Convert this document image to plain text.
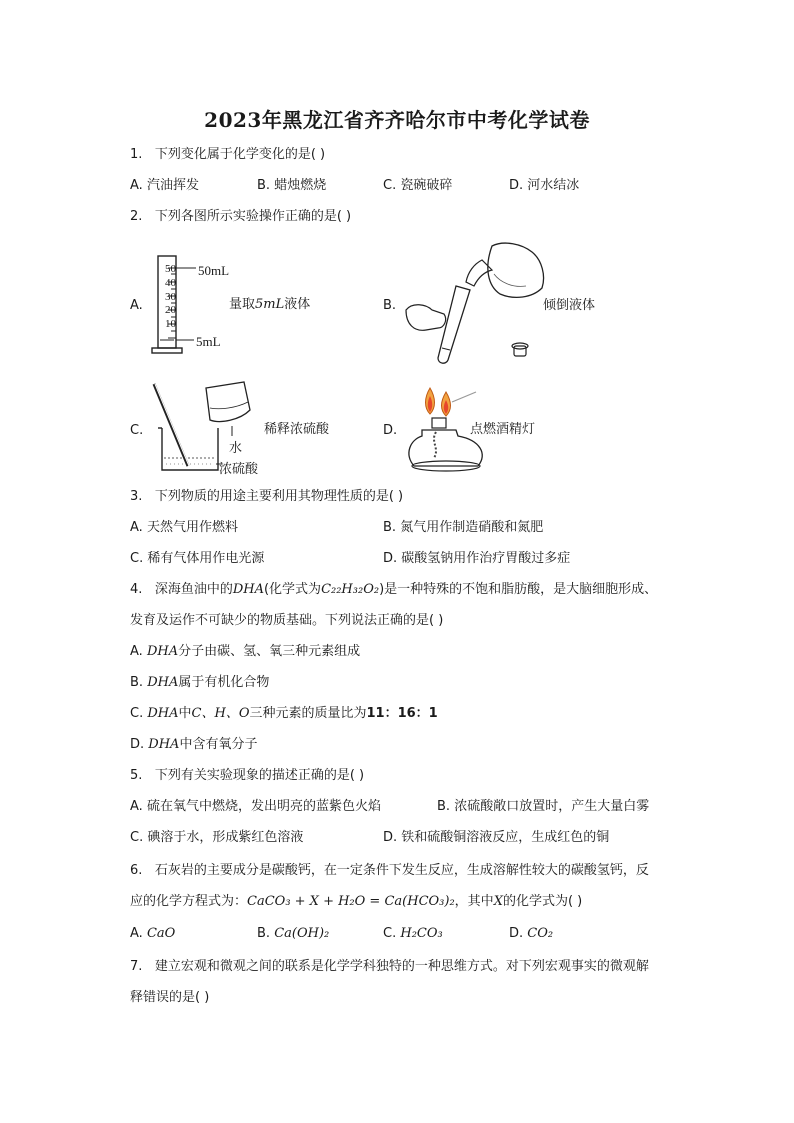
2023年黑龙江省齐齐哈尔市中考化学试卷
1. 下列变化属于化学变化的是( )
A. 汽油挥发	B. 蜡烛燃烧	C. 瓷碗破碎	D. 河水结冰
2. 下列各图所示实验操作正确的是( )
A.
50
40
30
20
10
50mL
5mL
量取5mL液体	B.	倾倒液体
C.
水
浓硫酸
稀释浓硫酸	D.	点燃酒精灯
3. 下列物质的用途主要利用其物理性质的是( )
A. 天然气用作燃料	B. 氮气用作制造硝酸和氮肥
C. 稀有气体用作电光源	D. 碳酸氢钠用作治疗胃酸过多症
4. 深海鱼油中的DHA(化学式为C₂₂H₃₂O₂)是一种特殊的不饱和脂肪酸，是大脑细胞形成、
发育及运作不可缺少的物质基础。下列说法正确的是( )
A. DHA分子由碳、氢、氧三种元素组成
B. DHA属于有机化合物
C. DHA中C、H、O三种元素的质量比为11：16：1
D. DHA中含有氧分子
5. 下列有关实验现象的描述正确的是( )
A. 硫在氧气中燃烧，发出明亮的蓝紫色火焰	B. 浓硫酸敞口放置时，产生大量白雾
C. 碘溶于水，形成紫红色溶液	D. 铁和硫酸铜溶液反应，生成红色的铜
6. 石灰岩的主要成分是碳酸钙，在一定条件下发生反应，生成溶解性较大的碳酸氢钙，反
应的化学方程式为：CaCO₃ + X + H₂O = Ca(HCO₃)₂，其中X的化学式为( )
A. CaO	B. Ca(OH)₂	C. H₂CO₃	D. CO₂
7. 建立宏观和微观之间的联系是化学学科独特的一种思维方式。对下列宏观事实的微观解
释错误的是( )
